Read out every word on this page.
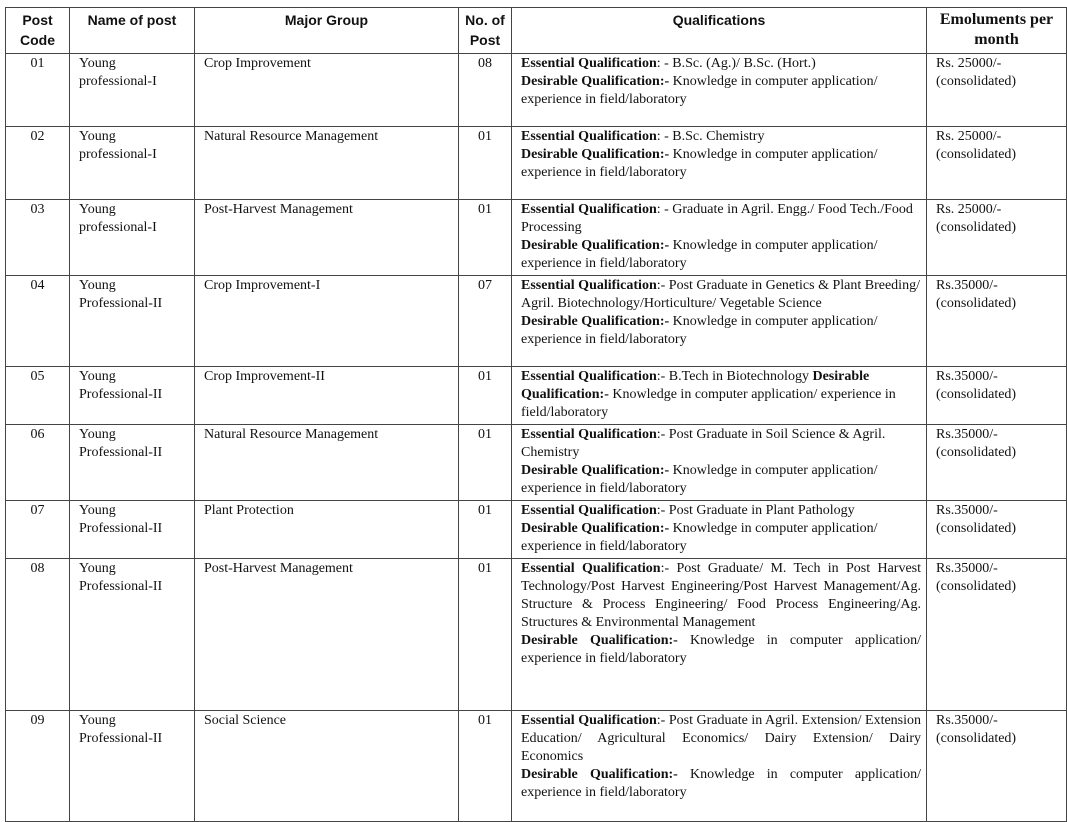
Post Code	Name of post	Major Group	No. of Post	Qualifications	Emoluments per month
01	Young professional-I	Crop Improvement	08	Essential Qualification: - B.Sc. (Ag.)/ B.Sc. (Hort.)
Desirable Qualification:- Knowledge in computer application/ experience in field/laboratory	Rs. 25000/-
(consolidated)
02	Young professional-I	Natural Resource Management	01	Essential Qualification: - B.Sc. Chemistry
Desirable Qualification:- Knowledge in computer application/ experience in field/laboratory	Rs. 25000/-
(consolidated)
03	Young professional-I	Post-Harvest Management	01	Essential Qualification: - Graduate in Agril. Engg./ Food Tech./Food Processing
Desirable Qualification:- Knowledge in computer application/ experience in field/laboratory	Rs. 25000/-
(consolidated)
04	Young Professional-II	Crop Improvement-I	07	Essential Qualification:- Post Graduate in Genetics & Plant Breeding/ Agril. Biotechnology/Horticulture/ Vegetable Science
Desirable Qualification:- Knowledge in computer application/ experience in field/laboratory	Rs.35000/-
(consolidated)
05	Young Professional-II	Crop Improvement-II	01	Essential Qualification:- B.Tech in Biotechnology Desirable Qualification:- Knowledge in computer application/ experience in field/laboratory	Rs.35000/-
(consolidated)
06	Young Professional-II	Natural Resource Management	01	Essential Qualification:- Post Graduate in Soil Science & Agril. Chemistry
Desirable Qualification:- Knowledge in computer application/ experience in field/laboratory	Rs.35000/-
(consolidated)
07	Young Professional-II	Plant Protection	01	Essential Qualification:- Post Graduate in Plant Pathology
Desirable Qualification:- Knowledge in computer application/ experience in field/laboratory	Rs.35000/-
(consolidated)
08	Young Professional-II	Post-Harvest Management	01	Essential Qualification:- Post Graduate/ M. Tech in Post Harvest Technology/Post Harvest Engineering/Post Harvest Management/Ag. Structure & Process Engineering/ Food Process Engineering/Ag. Structures & Environmental Management
Desirable Qualification:- Knowledge in computer application/ experience in field/laboratory	Rs.35000/-
(consolidated)
09	Young Professional-II	Social Science	01	Essential Qualification:- Post Graduate in Agril. Extension/ Extension Education/ Agricultural Economics/ Dairy Extension/ Dairy Economics
Desirable Qualification:- Knowledge in computer application/ experience in field/laboratory	Rs.35000/-
(consolidated)
